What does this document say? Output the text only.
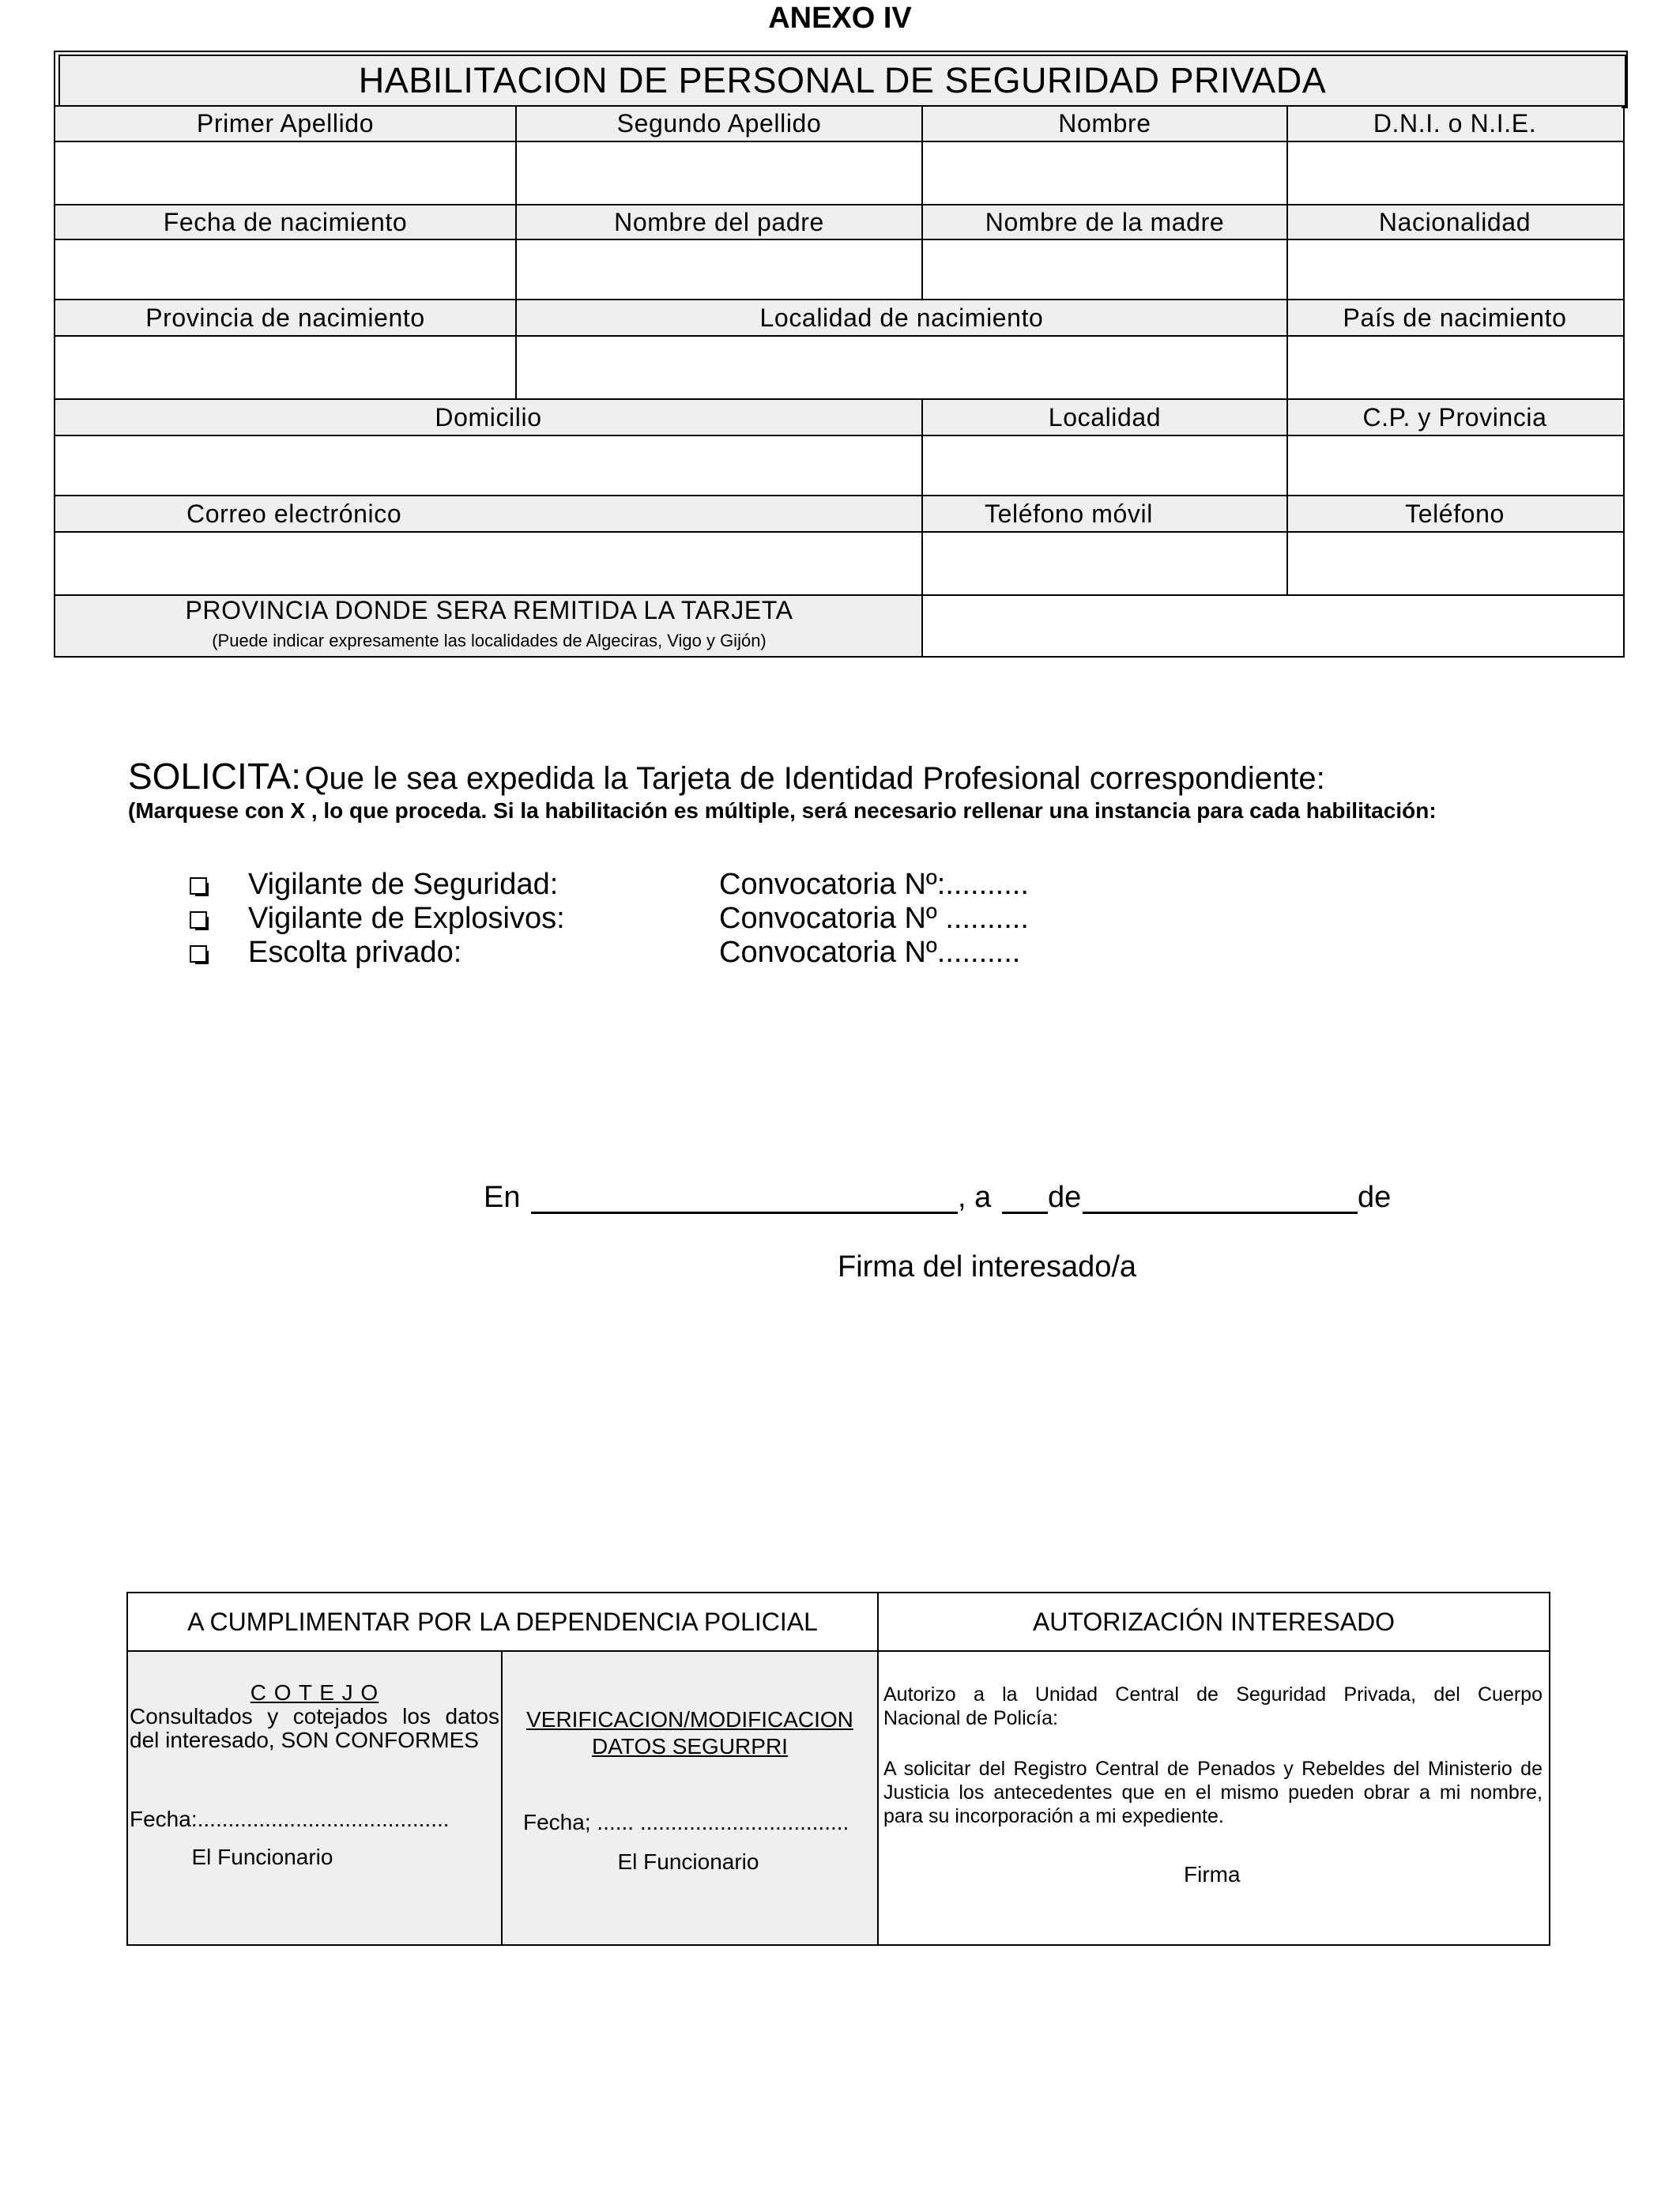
ANEXO IV
HABILITACION DE PERSONAL DE SEGURIDAD PRIVADA
Primer Apellido	Segundo Apellido	Nombre	D.N.I. o N.I.E.
Fecha de nacimiento	Nombre del padre	Nombre de la madre	Nacionalidad
Provincia de nacimiento	Localidad de nacimiento	País de nacimiento
Domicilio	Localidad	C.P. y Provincia
Correo electrónico	Teléfono móvil	Teléfono
PROVINCIA DONDE SERA REMITIDA LA TARJETA
(Puede indicar expresamente las localidades de Algeciras, Vigo y Gijón)
SOLICITA: Que le sea expedida la Tarjeta de Identidad Profesional correspondiente:
(Marquese con X , lo que proceda. Si la habilitación es múltiple, será necesario rellenar una instancia para cada habilitación:
Vigilante de Seguridad:	Convocatoria Nº:..........
Vigilante de Explosivos:	Convocatoria Nº ..........
Escolta privado:	Convocatoria Nº..........
En	, a de	de
Firma del interesado/a
A CUMPLIMENTAR POR LA DEPENDENCIA POLICIAL	AUTORIZACIÓN INTERESADO
C O T E J O
Consultados y cotejados los datos
del interesado, SON CONFORMES
Fecha:.........................................
El Funcionario
VERIFICACION/MODIFICACION
DATOS SEGURPRI
Fecha; ...... ..................................
El Funcionario
Autorizo a la Unidad Central de Seguridad Privada, del Cuerpo
Nacional de Policía:
A solicitar del Registro Central de Penados y Rebeldes del Ministerio de
Justicia los antecedentes que en el mismo pueden obrar a mi nombre,
para su incorporación a mi expediente.
Firma
